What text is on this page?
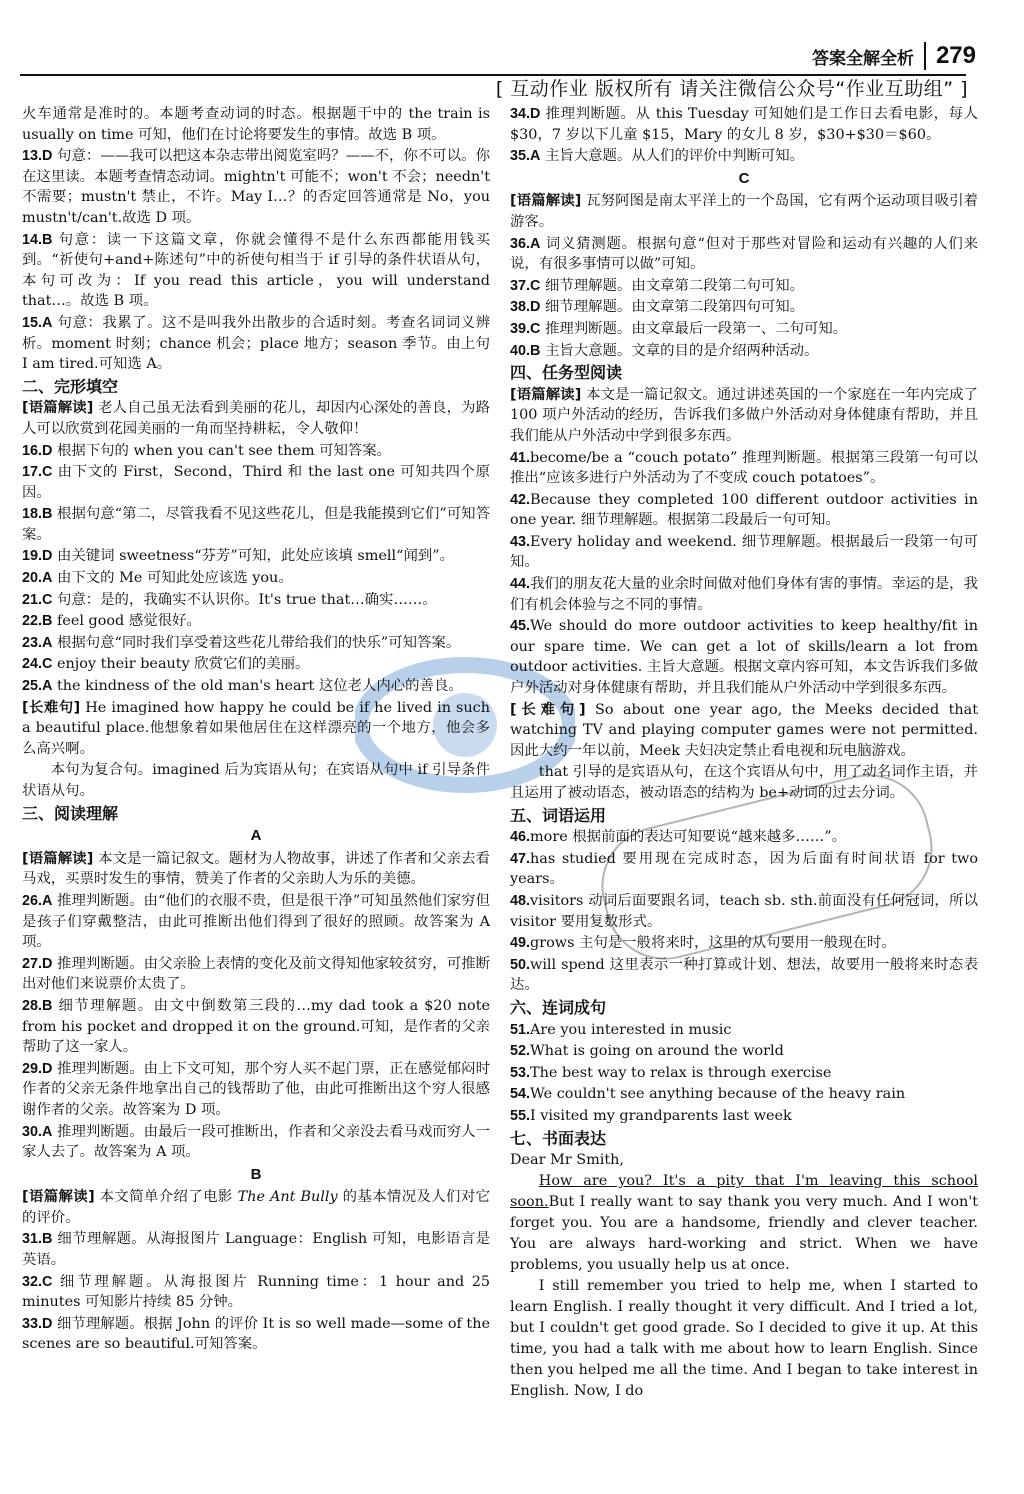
答案全解全析 279
[ 互动作业 版权所有 请关注微信公众号“作业互助组” ]

火车通常是准时的。本题考查动词的时态。根据题干中的 the train is usually on time 可知，他们在讨论将要发生的事情。故选 B 项。

13.D 句意：——我可以把这本杂志带出阅览室吗？——不，你不可以。你在这里读。本题考查情态动词。mightn't 可能不；won't 不会；needn't 不需要；mustn't 禁止，不许。May I…？的否定回答通常是 No，you mustn't/can't.故选 D 项。

14.B 句意：读一下这篇文章，你就会懂得不是什么东西都能用钱买到。“祈使句+and+陈述句”中的祈使句相当于 if 引导的条件状语从句，本句可改为：If you read this article，you will understand that…。故选 B 项。

15.A 句意：我累了。这不是叫我外出散步的合适时刻。考查名词词义辨析。moment 时刻；chance 机会；place 地方；season 季节。由上句 I am tired.可知选 A。

二、完形填空

[语篇解读] 老人自己虽无法看到美丽的花儿，却因内心深处的善良，为路人可以欣赏到花园美丽的一角而坚持耕耘，令人敬仰！

16.D 根据下句的 when you can't see them 可知答案。

17.C 由下文的 First，Second，Third 和 the last one 可知共四个原因。

18.B 根据句意“第二，尽管我看不见这些花儿，但是我能摸到它们”可知答案。

19.D 由关键词 sweetness“芬芳”可知，此处应该填 smell“闻到”。

20.A 由下文的 Me 可知此处应该选 you。

21.C 句意：是的，我确实不认识你。It's true that…确实……。

22.B feel good 感觉很好。

23.A 根据句意“同时我们享受着这些花儿带给我们的快乐”可知答案。

24.C enjoy their beauty 欣赏它们的美丽。

25.A the kindness of the old man's heart 这位老人内心的善良。

[长难句] He imagined how happy he could be if he lived in such a beautiful place.他想象着如果他居住在这样漂亮的一个地方，他会多么高兴啊。

本句为复合句。imagined 后为宾语从句；在宾语从句中 if 引导条件状语从句。

三、阅读理解
A

[语篇解读] 本文是一篇记叙文。题材为人物故事，讲述了作者和父亲去看马戏，买票时发生的事情，赞美了作者的父亲助人为乐的美德。

26.A 推理判断题。由“他们的衣服不贵，但是很干净”可知虽然他们家穷但是孩子们穿戴整洁，由此可推断出他们得到了很好的照顾。故答案为 A 项。

27.D 推理判断题。由父亲脸上表情的变化及前文得知他家较贫穷，可推断出对他们来说票价太贵了。

28.B 细节理解题。由文中倒数第三段的…my dad took a $20 note from his pocket and dropped it on the ground.可知，是作者的父亲帮助了这一家人。

29.D 推理判断题。由上下文可知，那个穷人买不起门票，正在感觉郁闷时作者的父亲无条件地拿出自己的钱帮助了他，由此可推断出这个穷人很感谢作者的父亲。故答案为 D 项。

30.A 推理判断题。由最后一段可推断出，作者和父亲没去看马戏而穷人一家人去了。故答案为 A 项。

B

[语篇解读] 本文简单介绍了电影 The Ant Bully 的基本情况及人们对它的评价。

31.B 细节理解题。从海报图片 Language：English 可知，电影语言是英语。

32.C 细节理解题。从海报图片 Running time：1 hour and 25 minutes 可知影片持续 85 分钟。

33.D 细节理解题。根据 John 的评价 It is so well made—some of the scenes are so beautiful.可知答案。

34.D 推理判断题。从 this Tuesday 可知她们是工作日去看电影，每人 $30，7 岁以下儿童 $15，Mary 的女儿 8 岁，$30+$30＝$60。

35.A 主旨大意题。从人们的评价中判断可知。

C

[语篇解读] 瓦努阿图是南太平洋上的一个岛国，它有两个运动项目吸引着游客。

36.A 词义猜测题。根据句意“但对于那些对冒险和运动有兴趣的人们来说，有很多事情可以做”可知。

37.C 细节理解题。由文章第二段第二句可知。

38.D 细节理解题。由文章第二段第四句可知。

39.C 推理判断题。由文章最后一段第一、二句可知。

40.B 主旨大意题。文章的目的是介绍两种活动。

四、任务型阅读

[语篇解读] 本文是一篇记叙文。通过讲述英国的一个家庭在一年内完成了 100 项户外活动的经历，告诉我们多做户外活动对身体健康有帮助，并且我们能从户外活动中学到很多东西。

41.become/be a “couch potato” 推理判断题。根据第三段第一句可以推出“应该多进行户外活动为了不变成 couch potatoes”。

42.Because they completed 100 different outdoor activities in one year. 细节理解题。根据第二段最后一句可知。

43.Every holiday and weekend. 细节理解题。根据最后一段第一句可知。

44.我们的朋友花大量的业余时间做对他们身体有害的事情。幸运的是，我们有机会体验与之不同的事情。

45.We should do more outdoor activities to keep healthy/fit in our spare time. We can get a lot of skills/learn a lot from outdoor activities. 主旨大意题。根据文章内容可知，本文告诉我们多做户外活动对身体健康有帮助，并且我们能从户外活动中学到很多东西。

[长难句] So about one year ago, the Meeks decided that watching TV and playing computer games were not permitted.因此大约一年以前，Meek 夫妇决定禁止看电视和玩电脑游戏。

that 引导的是宾语从句，在这个宾语从句中，用了动名词作主语，并且运用了被动语态，被动语态的结构为 be+动词的过去分词。

五、词语运用

46.more 根据前面的表达可知要说“越来越多……”。

47.has studied 要用现在完成时态，因为后面有时间状语 for two years。

48.visitors 动词后面要跟名词，teach sb. sth.前面没有任何冠词，所以 visitor 要用复数形式。

49.grows 主句是一般将来时，这里的从句要用一般现在时。

50.will spend 这里表示一种打算或计划、想法，故要用一般将来时态表达。

六、连词成句

51.Are you interested in music

52.What is going on around the world

53.The best way to relax is through exercise

54.We couldn't see anything because of the heavy rain

55.I visited my grandparents last week

七、书面表达

Dear Mr Smith,

How are you? It's a pity that I'm leaving this school soon.But I really want to say thank you very much. And I won't forget you. You are a handsome, friendly and clever teacher. You are always hard-working and strict. When we have problems, you usually help us at once.

I still remember you tried to help me, when I started to learn English. I really thought it very difficult. And I tried a lot, but I couldn't get good grade. So I decided to give it up. At this time, you had a talk with me about how to learn English. Since then you helped me all the time. And I began to take interest in English. Now, I do
